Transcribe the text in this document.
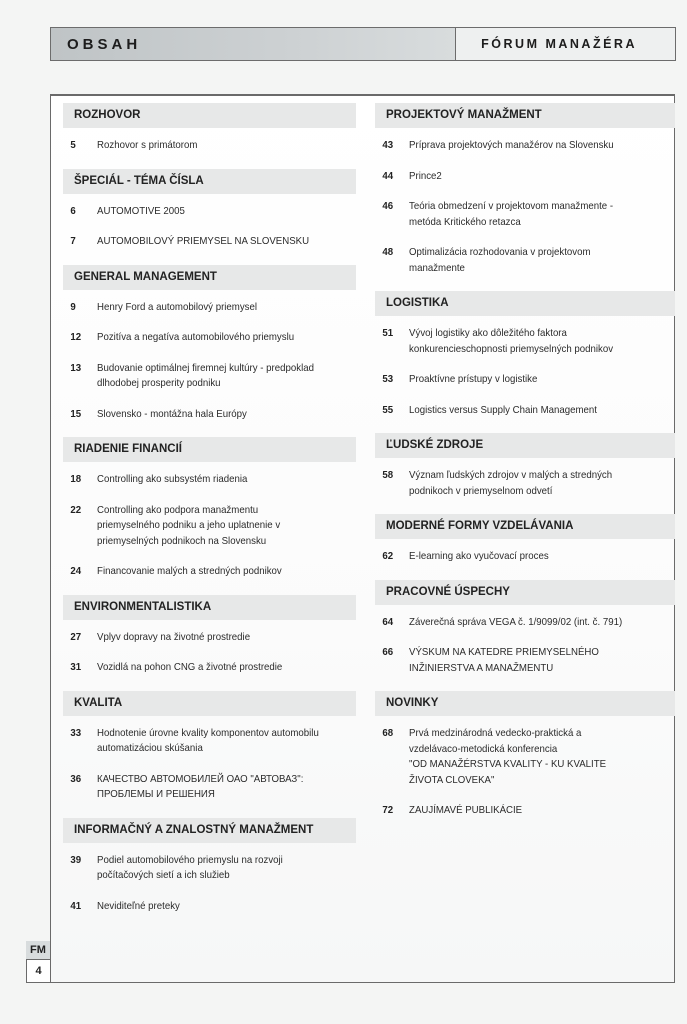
OBSAH	FÓRUM MANAŽÉRA
ROZHOVOR
5	Rozhovor s primátorom
ŠPECIÁL - TÉMA ČÍSLA
6	AUTOMOTIVE 2005
7	AUTOMOBILOVÝ PRIEMYSEL NA SLOVENSKU
GENERAL MANAGEMENT
9	Henry Ford a automobilový priemysel
12	Pozitíva a negatíva automobilového priemyslu
13	Budovanie optimálnej firemnej kultúry - predpoklad
dlhodobej prosperity podniku
15	Slovensko - montážna hala Európy
RIADENIE FINANCIÍ
18	Controlling ako subsystém riadenia
22	Controlling ako podpora manažmentu
priemyselného podniku a jeho uplatnenie v
priemyselných podnikoch na Slovensku
24	Financovanie malých a stredných podnikov
ENVIRONMENTALISTIKA
27	Vplyv dopravy na životné prostredie
31	Vozidlá na pohon CNG a životné prostredie
KVALITA
33	Hodnotenie úrovne kvality komponentov automobilu
automatizáciou skúšania
36	КАЧЕСТВО АВТОМОБИЛЕЙ ОАО "АВТОВАЗ":
ПРОБЛЕМЫ И РЕШЕНИЯ
INFORMAČNÝ A ZNALOSTNÝ MANAŽMENT
39	Podiel automobilového priemyslu na rozvoji
počítačových sietí a ich služieb
41	Neviditeľné preteky
PROJEKTOVÝ MANAŽMENT
43	Príprava projektových manažérov na Slovensku
44	Prince2
46	Teória obmedzení v projektovom manažmente -
metóda Kritického retazca
48	Optimalizácia rozhodovania v projektovom
manažmente
LOGISTIKA
51	Vývoj logistiky ako dôležitého faktora
konkurencieschopnosti priemyselných podnikov
53	Proaktívne prístupy v logistike
55	Logistics versus Supply Chain Management
ĽUDSKÉ ZDROJE
58	Význam ľudských zdrojov v malých a stredných
podnikoch v priemyselnom odvetí
MODERNÉ FORMY VZDELÁVANIA
62	E-learning ako vyučovací proces
PRACOVNÉ ÚSPECHY
64	Záverečná správa VEGA č. 1/9099/02 (int. č. 791)
66	VÝSKUM NA KATEDRE PRIEMYSELNÉHO
INŽINIERSTVA A MANAŽMENTU
NOVINKY
68	Prvá medzinárodná vedecko-praktická a
vzdelávaco-metodická konferencia
"OD MANAŽÉRSTVA KVALITY - KU KVALITE
ŽIVOTA CLOVEKA"
72	ZAUJÍMAVÉ PUBLIKÁCIE
FM
4
